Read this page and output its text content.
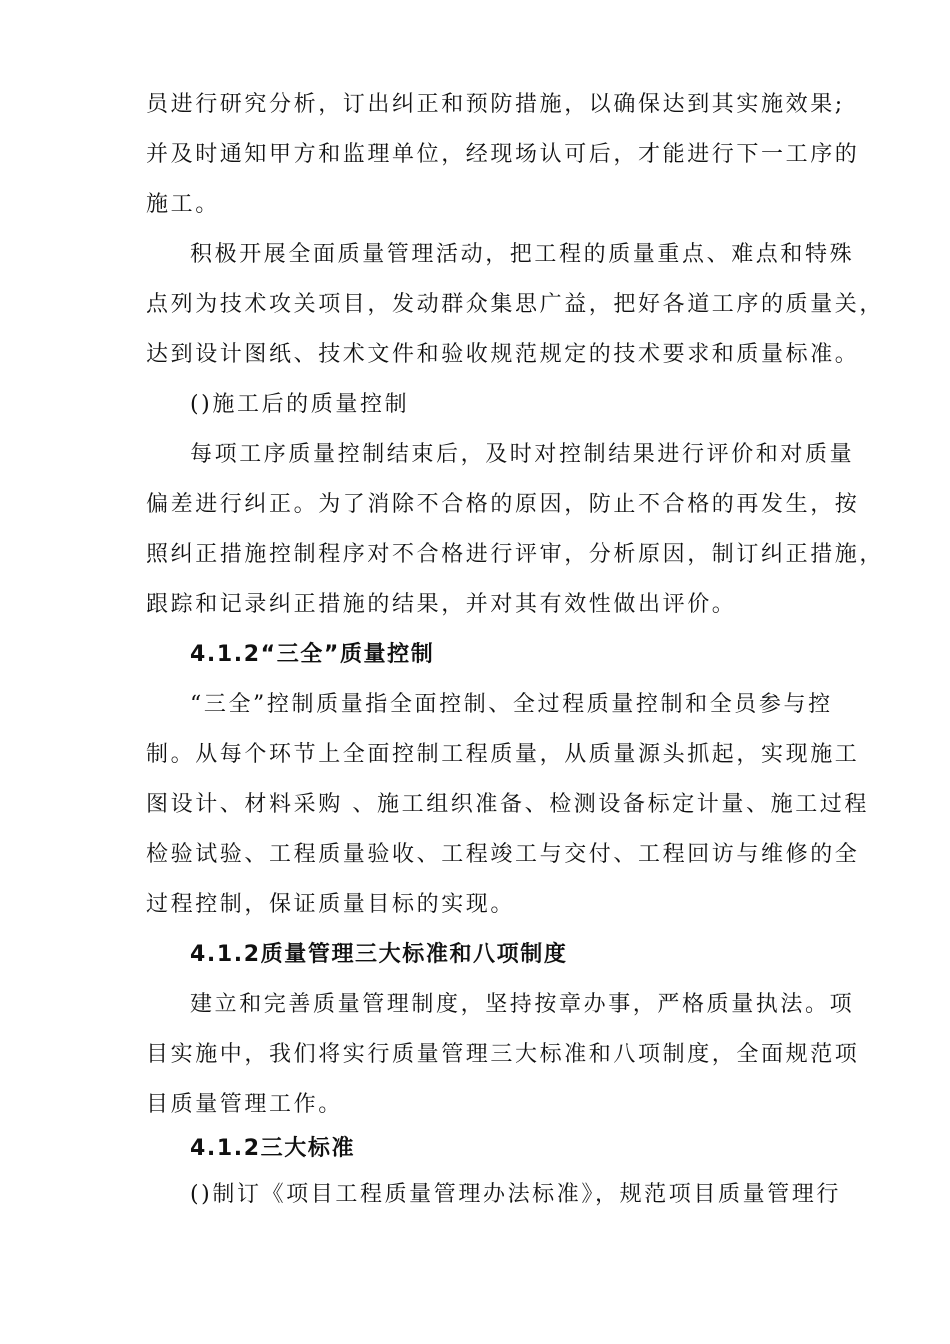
员进行研究分析，订出纠正和预防措施，以确保达到其实施效果;
并及时通知甲方和监理单位，经现场认可后，才能进行下一工序的
施工。
积极开展全面质量管理活动，把工程的质量重点、难点和特殊
点列为技术攻关项目，发动群众集思广益，把好各道工序的质量关，
达到设计图纸、技术文件和验收规范规定的技术要求和质量标准。
()施工后的质量控制
每项工序质量控制结束后，及时对控制结果进行评价和对质量
偏差进行纠正。为了消除不合格的原因，防止不合格的再发生，按
照纠正措施控制程序对不合格进行评审，分析原因，制订纠正措施，
跟踪和记录纠正措施的结果，并对其有效性做出评价。
4.1.2“三全”质量控制
“三全”控制质量指全面控制、全过程质量控制和全员参与控
制。从每个环节上全面控制工程质量，从质量源头抓起，实现施工
图设计、材料采购 、施工组织准备、检测设备标定计量、施工过程
检验试验、工程质量验收、工程竣工与交付、工程回访与维修的全
过程控制，保证质量目标的实现。
4.1.2质量管理三大标准和八项制度
建立和完善质量管理制度，坚持按章办事，严格质量执法。项
目实施中，我们将实行质量管理三大标准和八项制度，全面规范项
目质量管理工作。
4.1.2三大标准
()制订《项目工程质量管理办法标准》，规范项目质量管理行
